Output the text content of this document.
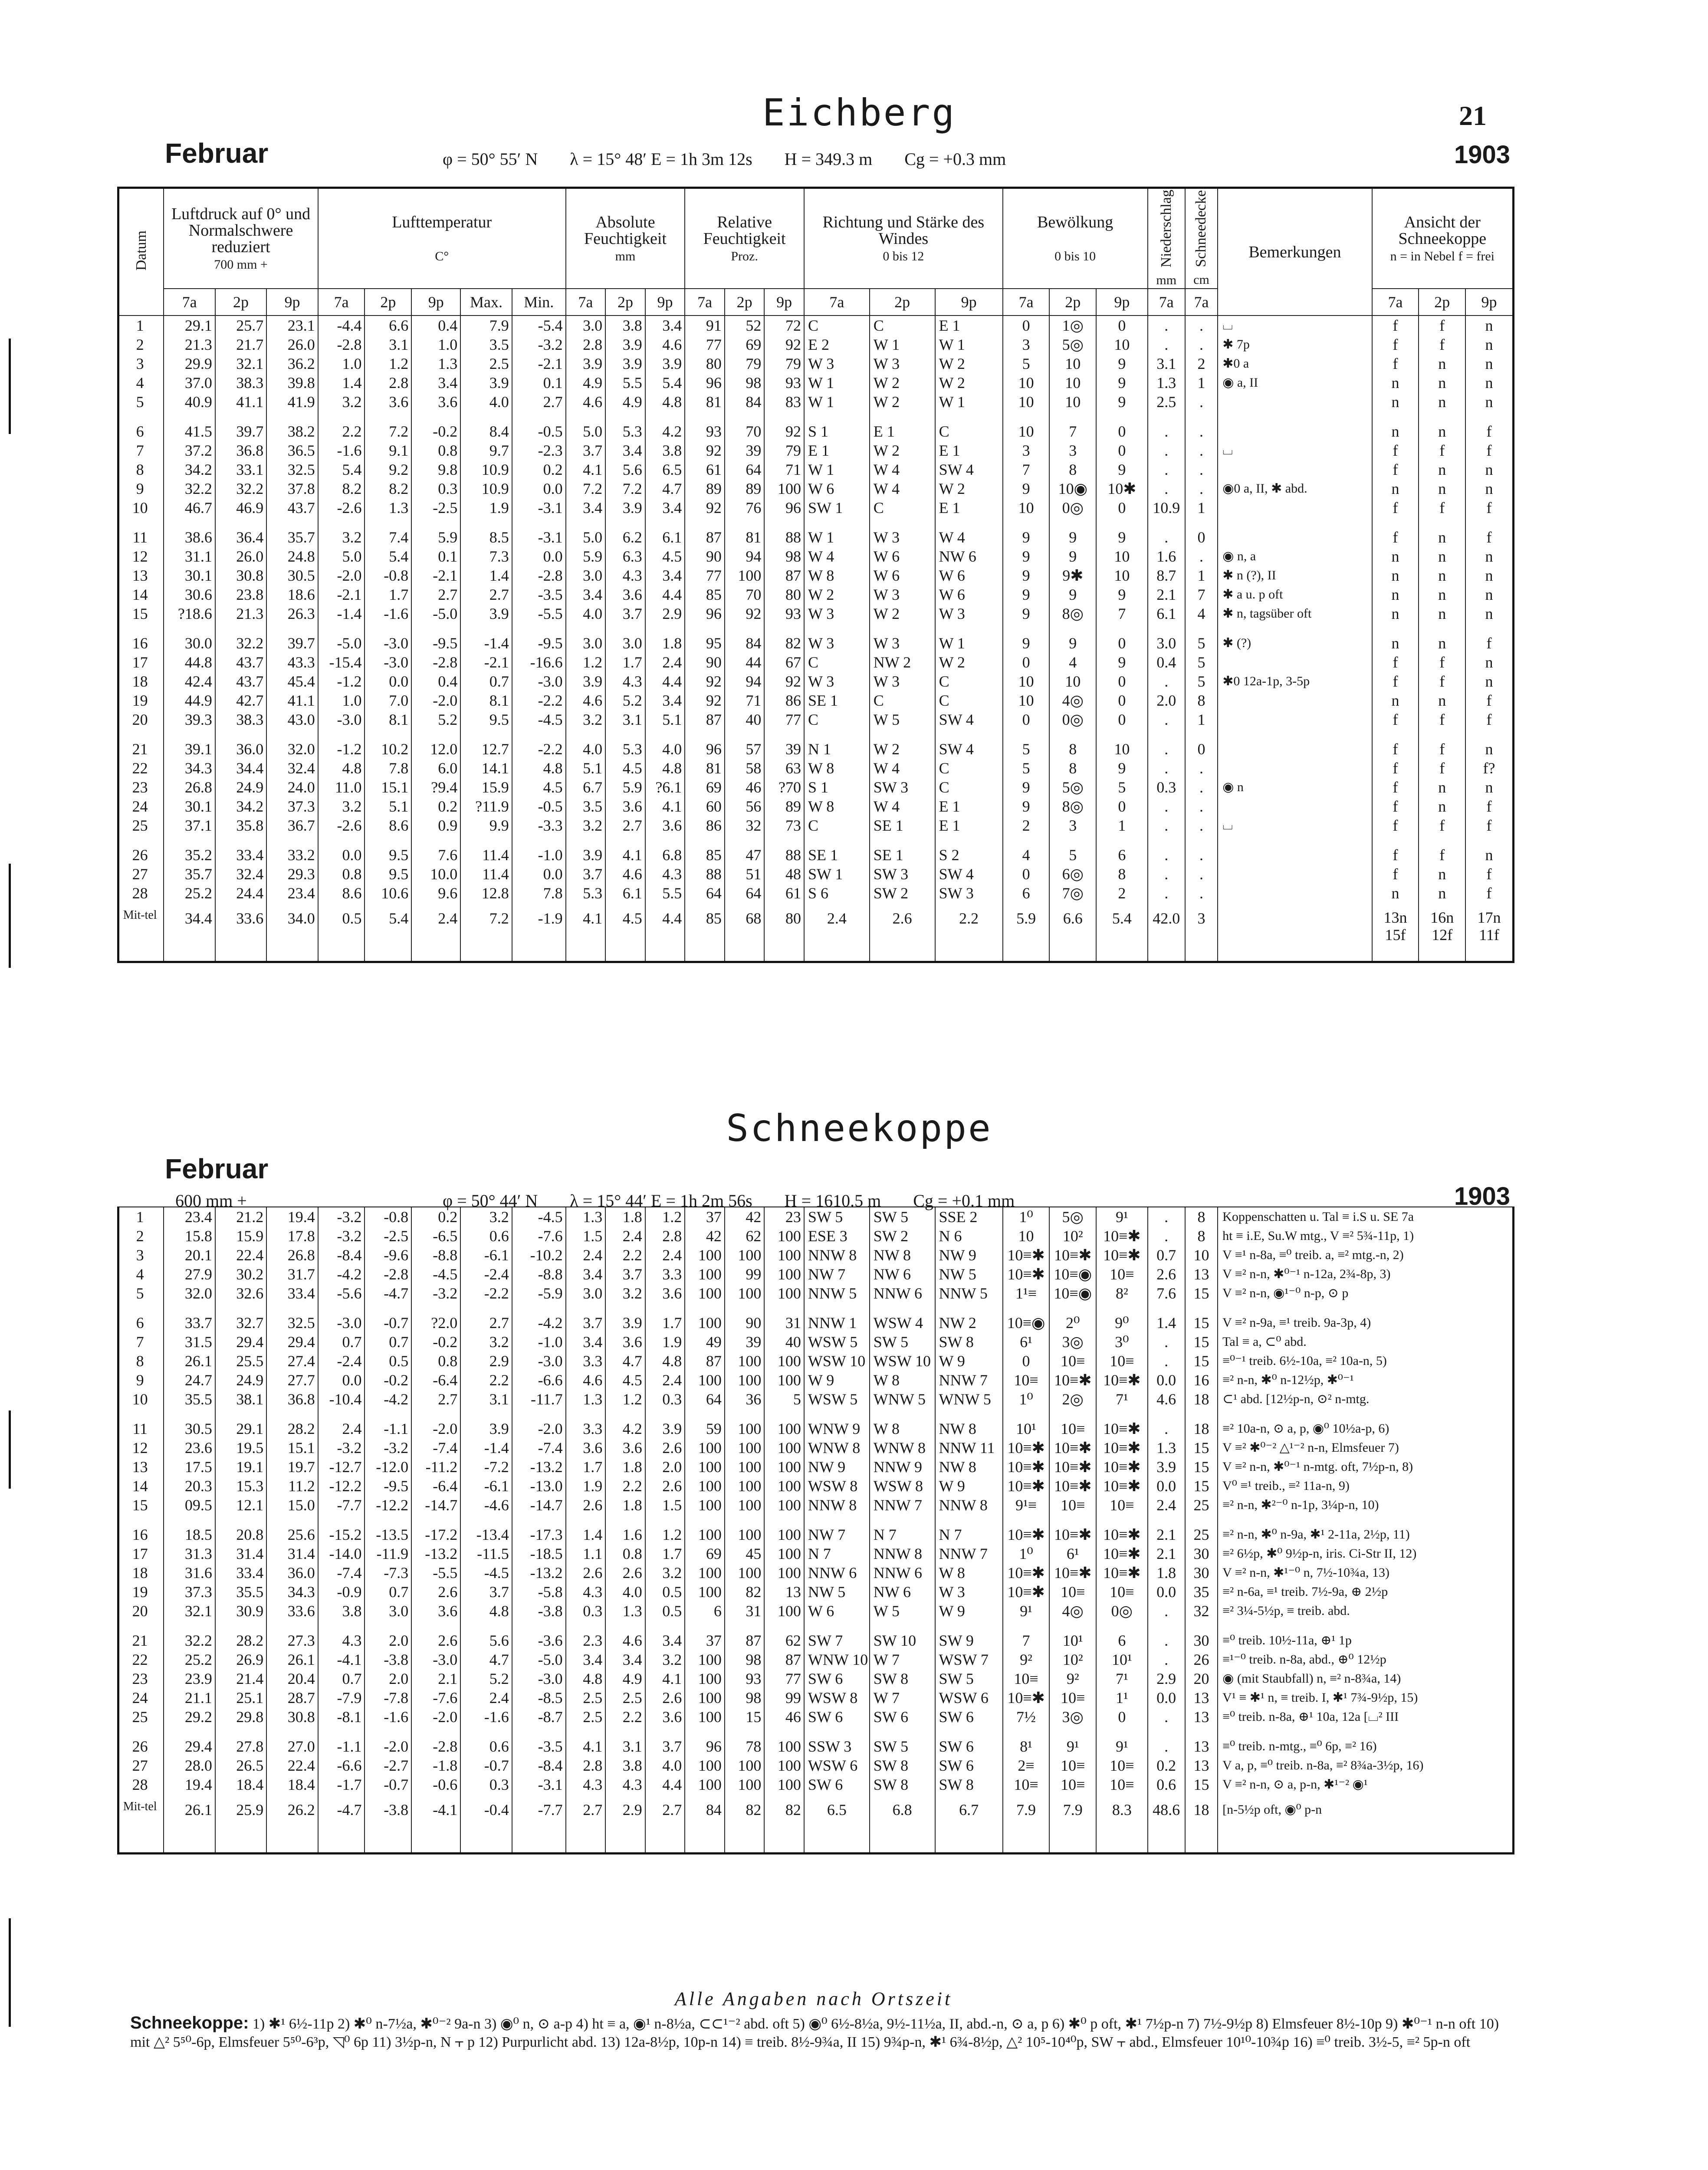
21
Februar
Eichberg
φ = 50° 55′ N λ = 15° 48′ E = 1h 3m 12s H = 349.3 m Cg = +0.3 mm	1903
Datum	Luftdruck auf 0° und Normalschwere reduziert
700 mm +			Lufttemperatur

C°					Absolute Feuchtigkeit
mm			Relative Feuchtigkeit
Proz.			Richtung und Stärke des Windes
0 bis 12			Bewölkung

0 bis 10			Niederschlag
mm	Schneedecke
cm	Bemerkungen	Ansicht der Schneekoppe
n = in Nebel f = frei		
	7a	2p	9p	7a	2p	9p	Max.	Min.	7a	2p	9p	7a	2p	9p	7a	2p	9p	7a	2p	9p	7a	7a		7a	2p	9p
1	29.1	25.7	23.1	-4.4	6.6	0.4	7.9	-5.4	3.0	3.8	3.4	91	52	72	C	C	E 1	0	1◎	0	.	.	⌴	f	f	n
2	21.3	21.7	26.0	-2.8	3.1	1.0	3.5	-3.2	2.8	3.9	4.6	77	69	92	E 2	W 1	W 1	3	5◎	10	.	.	✱ 7p	f	f	n
3	29.9	32.1	36.2	1.0	1.2	1.3	2.5	-2.1	3.9	3.9	3.9	80	79	79	W 3	W 3	W 2	5	10	9	3.1	2	✱0 a	f	n	n
4	37.0	38.3	39.8	1.4	2.8	3.4	3.9	0.1	4.9	5.5	5.4	96	98	93	W 1	W 2	W 2	10	10	9	1.3	1	◉ a, II	n	n	n
5	40.9	41.1	41.9	3.2	3.6	3.6	4.0	2.7	4.6	4.9	4.8	81	84	83	W 1	W 2	W 1	10	10	9	2.5	.		n	n	n

6	41.5	39.7	38.2	2.2	7.2	-0.2	8.4	-0.5	5.0	5.3	4.2	93	70	92	S 1	E 1	C	10	7	0	.	.		n	n	f
7	37.2	36.8	36.5	-1.6	9.1	0.8	9.7	-2.3	3.7	3.4	3.8	92	39	79	E 1	W 2	E 1	3	3	0	.	.	⌴	f	f	f
8	34.2	33.1	32.5	5.4	9.2	9.8	10.9	0.2	4.1	5.6	6.5	61	64	71	W 1	W 4	SW 4	7	8	9	.	.		f	n	n
9	32.2	32.2	37.8	8.2	8.2	0.3	10.9	0.0	7.2	7.2	4.7	89	89	100	W 6	W 4	W 2	9	10◉	10✱	.	.	◉0 a, II, ✱ abd.	n	n	n
10	46.7	46.9	43.7	-2.6	1.3	-2.5	1.9	-3.1	3.4	3.9	3.4	92	76	96	SW 1	C	E 1	10	0◎	0	10.9	1		f	f	f

11	38.6	36.4	35.7	3.2	7.4	5.9	8.5	-3.1	5.0	6.2	6.1	87	81	88	W 1	W 3	W 4	9	9	9	.	0		f	n	f
12	31.1	26.0	24.8	5.0	5.4	0.1	7.3	0.0	5.9	6.3	4.5	90	94	98	W 4	W 6	NW 6	9	9	10	1.6	.	◉ n, a	n	n	n
13	30.1	30.8	30.5	-2.0	-0.8	-2.1	1.4	-2.8	3.0	4.3	3.4	77	100	87	W 8	W 6	W 6	9	9✱	10	8.7	1	✱ n (?), II	n	n	n
14	30.6	23.8	18.6	-2.1	1.7	2.7	2.7	-3.5	3.4	3.6	4.4	85	70	80	W 2	W 3	W 6	9	9	9	2.1	7	✱ a u. p oft	n	n	n
15	?18.6	21.3	26.3	-1.4	-1.6	-5.0	3.9	-5.5	4.0	3.7	2.9	96	92	93	W 3	W 2	W 3	9	8◎	7	6.1	4	✱ n, tagsüber oft	n	n	n

16	30.0	32.2	39.7	-5.0	-3.0	-9.5	-1.4	-9.5	3.0	3.0	1.8	95	84	82	W 3	W 3	W 1	9	9	0	3.0	5	✱ (?)	n	n	f
17	44.8	43.7	43.3	-15.4	-3.0	-2.8	-2.1	-16.6	1.2	1.7	2.4	90	44	67	C	NW 2	W 2	0	4	9	0.4	5		f	f	n
18	42.4	43.7	45.4	-1.2	0.0	0.4	0.7	-3.0	3.9	4.3	4.4	92	94	92	W 3	W 3	C	10	10	0	.	5	✱0 12a-1p, 3-5p	f	f	n
19	44.9	42.7	41.1	1.0	7.0	-2.0	8.1	-2.2	4.6	5.2	3.4	92	71	86	SE 1	C	C	10	4◎	0	2.0	8		n	n	f
20	39.3	38.3	43.0	-3.0	8.1	5.2	9.5	-4.5	3.2	3.1	5.1	87	40	77	C	W 5	SW 4	0	0◎	0	.	1		f	f	f

21	39.1	36.0	32.0	-1.2	10.2	12.0	12.7	-2.2	4.0	5.3	4.0	96	57	39	N 1	W 2	SW 4	5	8	10	.	0		f	f	n
22	34.3	34.4	32.4	4.8	7.8	6.0	14.1	4.8	5.1	4.5	4.8	81	58	63	W 8	W 4	C	5	8	9	.	.		f	f	f?
23	26.8	24.9	24.0	11.0	15.1	?9.4	15.9	4.5	6.7	5.9	?6.1	69	46	?70	S 1	SW 3	C	9	5◎	5	0.3	.	◉ n	f	n	n
24	30.1	34.2	37.3	3.2	5.1	0.2	?11.9	-0.5	3.5	3.6	4.1	60	56	89	W 8	W 4	E 1	9	8◎	0	.	.		f	n	f
25	37.1	35.8	36.7	-2.6	8.6	0.9	9.9	-3.3	3.2	2.7	3.6	86	32	73	C	SE 1	E 1	2	3	1	.	.	⌴	f	f	f

26	35.2	33.4	33.2	0.0	9.5	7.6	11.4	-1.0	3.9	4.1	6.8	85	47	88	SE 1	SE 1	S 2	4	5	6	.	.		f	f	n
27	35.7	32.4	29.3	0.8	9.5	10.0	11.4	0.0	3.7	4.6	4.3	88	51	48	SW 1	SW 3	SW 4	0	6◎	8	.	.		f	n	f
28	25.2	24.4	23.4	8.6	10.6	9.6	12.8	7.8	5.3	6.1	5.5	64	64	61	S 6	SW 2	SW 3	6	7◎	2	.	.		n	n	f
Mit-tel	34.4	33.6	34.0	0.5	5.4	2.4	7.2	-1.9	4.1	4.5	4.4	85	68	80	2.4	2.6	2.2	5.9	6.6	5.4	42.0	3		13n 15f	16n 12f	17n 11f
Februar
Schneekoppe
φ = 50° 44′ N λ = 15° 44′ E = 1h 2m 56s H = 1610.5 m Cg = +0.1 mm
600 mm +	1903
1	23.4	21.2	19.4	-3.2	-0.8	0.2	3.2	-4.5	1.3	1.8	1.2	37	42	23	SW 5	SW 5	SSE 2	1⁰	5◎	9¹	.	8	Koppenschatten u. Tal ≡ i.S u. SE 7a
2	15.8	15.9	17.8	-3.2	-2.5	-6.5	0.6	-7.6	1.5	2.4	2.8	42	62	100	ESE 3	SW 2	N 6	10	10²	10≡✱	.	8	ht ≡ i.E, Su.W mtg., V ≡² 5¾-11p, 1)
3	20.1	22.4	26.8	-8.4	-9.6	-8.8	-6.1	-10.2	2.4	2.2	2.4	100	100	100	NNW 8	NW 8	NW 9	10≡✱	10≡✱	10≡✱	0.7	10	V ≡¹ n-8a, ≡⁰ treib. a, ≡² mtg.-n, 2)
4	27.9	30.2	31.7	-4.2	-2.8	-4.5	-2.4	-8.8	3.4	3.7	3.3	100	99	100	NW 7	NW 6	NW 5	10≡✱	10≡◉	10≡	2.6	13	V ≡² n-n, ✱⁰⁻¹ n-12a, 2¾-8p, 3)
5	32.0	32.6	33.4	-5.6	-4.7	-3.2	-2.2	-5.9	3.0	3.2	3.6	100	100	100	NNW 5	NNW 6	NNW 5	1¹≡	10≡◉	8²	7.6	15	V ≡² n-n, ◉¹⁻⁰ n-p, ⊙ p

6	33.7	32.7	32.5	-3.0	-0.7	?2.0	2.7	-4.2	3.7	3.9	1.7	100	90	31	NNW 1	WSW 4	NW 2	10≡◉	2⁰	9⁰	1.4	15	V ≡² n-9a, ≡¹ treib. 9a-3p, 4)
7	31.5	29.4	29.4	0.7	0.7	-0.2	3.2	-1.0	3.4	3.6	1.9	49	39	40	WSW 5	SW 5	SW 8	6¹	3◎	3⁰	.	15	Tal ≡ a, ⊂⁰ abd.
8	26.1	25.5	27.4	-2.4	0.5	0.8	2.9	-3.0	3.3	4.7	4.8	87	100	100	WSW 10	WSW 10	W 9	0	10≡	10≡	.	15	≡⁰⁻¹ treib. 6½-10a, ≡² 10a-n, 5)
9	24.7	24.9	27.7	0.0	-0.2	-6.4	2.2	-6.6	4.6	4.5	2.4	100	100	100	W 9	W 8	NNW 7	10≡	10≡✱	10≡✱	0.0	16	≡² n-n, ✱⁰ n-12½p, ✱⁰⁻¹
10	35.5	38.1	36.8	-10.4	-4.2	2.7	3.1	-11.7	1.3	1.2	0.3	64	36	5	WSW 5	WNW 5	WNW 5	1⁰	2◎	7¹	4.6	18	⊂¹ abd. [12½p-n, ⊙² n-mtg.

11	30.5	29.1	28.2	2.4	-1.1	-2.0	3.9	-2.0	3.3	4.2	3.9	59	100	100	WNW 9	W 8	NW 8	10¹	10≡	10≡✱	.	18	≡² 10a-n, ⊙ a, p, ◉⁰ 10½a-p, 6)
12	23.6	19.5	15.1	-3.2	-3.2	-7.4	-1.4	-7.4	3.6	3.6	2.6	100	100	100	WNW 8	WNW 8	NNW 11	10≡✱	10≡✱	10≡✱	1.3	15	V ≡² ✱⁰⁻² △¹⁻² n-n, Elmsfeuer 7)
13	17.5	19.1	19.7	-12.7	-12.0	-11.2	-7.2	-13.2	1.7	1.8	2.0	100	100	100	NW 9	NNW 9	NW 8	10≡✱	10≡✱	10≡✱	3.9	15	V ≡² n-n, ✱⁰⁻¹ n-mtg. oft, 7½p-n, 8)
14	20.3	15.3	11.2	-12.2	-9.5	-6.4	-6.1	-13.0	1.9	2.2	2.6	100	100	100	WSW 8	WSW 8	W 9	10≡✱	10≡✱	10≡✱	0.0	15	V⁰ ≡¹ treib., ≡² 11a-n, 9)
15	09.5	12.1	15.0	-7.7	-12.2	-14.7	-4.6	-14.7	2.6	1.8	1.5	100	100	100	NNW 8	NNW 7	NNW 8	9¹≡	10≡	10≡	2.4	25	≡² n-n, ✱²⁻⁰ n-1p, 3¼p-n, 10)

16	18.5	20.8	25.6	-15.2	-13.5	-17.2	-13.4	-17.3	1.4	1.6	1.2	100	100	100	NW 7	N 7	N 7	10≡✱	10≡✱	10≡✱	2.1	25	≡² n-n, ✱⁰ n-9a, ✱¹ 2-11a, 2½p, 11)
17	31.3	31.4	31.4	-14.0	-11.9	-13.2	-11.5	-18.5	1.1	0.8	1.7	69	45	100	N 7	NNW 8	NNW 7	1⁰	6¹	10≡✱	2.1	30	≡² 6½p, ✱⁰ 9½p-n, iris. Ci-Str II, 12)
18	31.6	33.4	36.0	-7.4	-7.3	-5.5	-4.5	-13.2	2.6	2.6	3.2	100	100	100	NNW 6	NNW 6	W 8	10≡✱	10≡✱	10≡✱	1.8	30	V ≡² n-n, ✱¹⁻⁰ n, 7½-10¾a, 13)
19	37.3	35.5	34.3	-0.9	0.7	2.6	3.7	-5.8	4.3	4.0	0.5	100	82	13	NW 5	NW 6	W 3	10≡✱	10≡	10≡	0.0	35	≡² n-6a, ≡¹ treib. 7½-9a, ⊕ 2½p
20	32.1	30.9	33.6	3.8	3.0	3.6	4.8	-3.8	0.3	1.3	0.5	6	31	100	W 6	W 5	W 9	9¹	4◎	0◎	.	32	≡² 3¼-5½p, ≡ treib. abd.

21	32.2	28.2	27.3	4.3	2.0	2.6	5.6	-3.6	2.3	4.6	3.4	37	87	62	SW 7	SW 10	SW 9	7	10¹	6	.	30	≡⁰ treib. 10½-11a, ⊕¹ 1p
22	25.2	26.9	26.1	-4.1	-3.8	-3.0	4.7	-5.0	3.4	3.4	3.2	100	98	87	WNW 10	W 7	WSW 7	9²	10²	10¹	.	26	≡¹⁻⁰ treib. n-8a, abd., ⊕⁰ 12½p
23	23.9	21.4	20.4	0.7	2.0	2.1	5.2	-3.0	4.8	4.9	4.1	100	93	77	SW 6	SW 8	SW 5	10≡	9²	7¹	2.9	20	◉ (mit Staubfall) n, ≡² n-8¾a, 14)
24	21.1	25.1	28.7	-7.9	-7.8	-7.6	2.4	-8.5	2.5	2.5	2.6	100	98	99	WSW 8	W 7	WSW 6	10≡✱	10≡	1¹	0.0	13	V¹ ≡ ✱¹ n, ≡ treib. I, ✱¹ 7¾-9½p, 15)
25	29.2	29.8	30.8	-8.1	-1.6	-2.0	-1.6	-8.7	2.5	2.2	3.6	100	15	46	SW 6	SW 6	SW 6	7½	3◎	0	.	13	≡⁰ treib. n-8a, ⊕¹ 10a, 12a [⌴² III

26	29.4	27.8	27.0	-1.1	-2.0	-2.8	0.6	-3.5	4.1	3.1	3.7	96	78	100	SSW 3	SW 5	SW 6	8¹	9¹	9¹	.	13	≡⁰ treib. n-mtg., ≡⁰ 6p, ≡² 16)
27	28.0	26.5	22.4	-6.6	-2.7	-1.8	-0.7	-8.4	2.8	3.8	4.0	100	100	100	WSW 6	SW 8	SW 6	2≡	10≡	10≡	0.2	13	V a, p, ≡⁰ treib. n-8a, ≡² 8¾a-3½p, 16)
28	19.4	18.4	18.4	-1.7	-0.7	-0.6	0.3	-3.1	4.3	4.3	4.4	100	100	100	SW 6	SW 8	SW 8	10≡	10≡	10≡	0.6	15	V ≡² n-n, ⊙ a, p-n, ✱¹⁻² ◉¹
Mit-tel	26.1	25.9	26.2	-4.7	-3.8	-4.1	-0.4	-7.7	2.7	2.9	2.7	84	82	82	6.5	6.8	6.7	7.9	7.9	8.3	48.6	18	[n-5½p oft, ◉⁰ p-n
Alle Angaben nach Ortszeit
Schneekoppe: 1) ✱¹ 6½-11p 2) ✱⁰ n-7½a, ✱⁰⁻² 9a-n 3) ◉⁰ n, ⊙ a-p 4) ht ≡ a, ◉¹ n-8½a, ⊂⊂¹⁻² abd. oft 5) ◉⁰ 6½-8½a, 9½-11½a, II, abd.-n, ⊙ a, p 6) ✱⁰ p oft, ✱¹ 7½p-n 7) 7½-9½p 8) Elmsfeuer 8½-10p 9) ✱⁰⁻¹ n-n oft 10) mit △² 5⁵⁰-6p, Elmsfeuer 5⁵⁰-6³p, ◹⁰ 6p 11) 3½p-n, N ⫟ p 12) Purpurlicht abd. 13) 12a-8½p, 10p-n 14) ≡ treib. 8½-9¾a, II 15) 9¾p-n, ✱¹ 6¾-8½p, △² 10⁵-10⁴⁰p, SW ⫟ abd., Elmsfeuer 10¹⁰-10¾p 16) ≡⁰ treib. 3½-5, ≡² 5p-n oft
